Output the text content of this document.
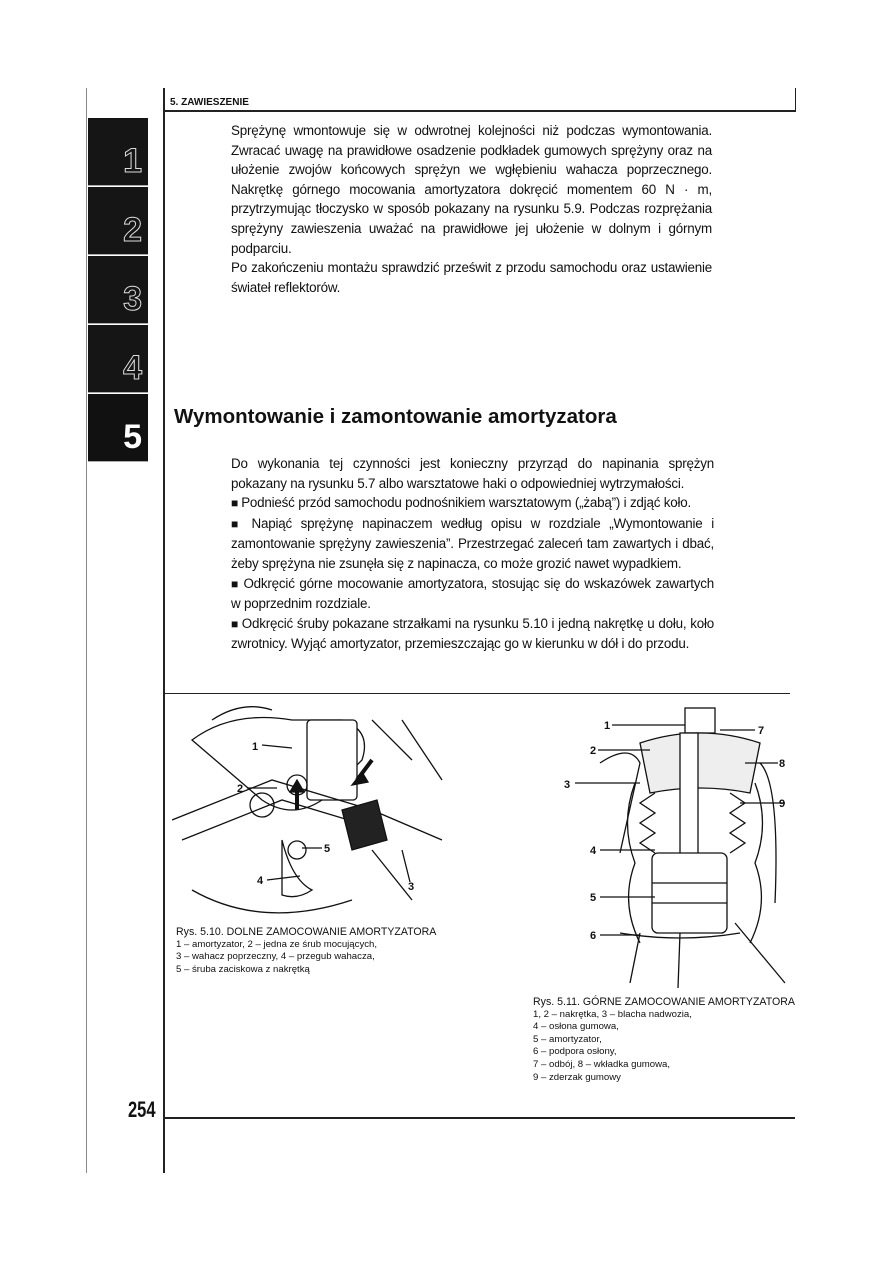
5. ZAWIESZENIE
1
2
3
4
5

Sprężynę wmontowuje się w odwrotnej kolejności niż podczas wymontowania. Zwracać uwagę na prawidłowe osadzenie podkładek gumowych sprężyny oraz na ułożenie zwojów końcowych sprężyn we wgłębieniu wahacza poprzecznego. Nakrętkę górnego mocowania amortyzatora dokręcić momentem 60 N · m, przytrzymując tłoczysko w sposób pokazany na rysunku 5.9. Podczas rozprężania sprężyny zawieszenia uważać na prawidłowe jej ułożenie w dolnym i górnym podparciu.

Po zakończeniu montażu sprawdzić prześwit z przodu samochodu oraz ustawienie świateł reflektorów.

Wymontowanie i zamontowanie amortyzatora

Do wykonania tej czynności jest konieczny przyrząd do napinania sprężyn pokazany na rysunku 5.7 albo warsztatowe haki o odpowiedniej wytrzymałości.

■ Podnieść przód samochodu podnośnikiem warsztatowym („żabą”) i zdjąć koło.

■ Napiąć sprężynę napinaczem według opisu w rozdziale „Wymontowanie i zamontowanie sprężyny zawieszenia”. Przestrzegać zaleceń tam zawartych i dbać, żeby sprężyna nie zsunęła się z napinacza, co może grozić nawet wypadkiem.

■ Odkręcić górne mocowanie amortyzatora, stosując się do wskazówek zawartych w poprzednim rozdziale.

■ Odkręcić śruby pokazane strzałkami na rysunku 5.10 i jedną nakrętkę u dołu, koło zwrotnicy. Wyjąć amortyzator, przemieszczając go w kierunku w dół i do przodu.

1
2
3
4
5
Rys. 5.10. DOLNE ZAMOCOWANIE AMORTYZATORA
1 – amortyzator, 2 – jedna ze śrub mocujących,
3 – wahacz poprzeczny, 4 – przegub wahacza,
5 – śruba zaciskowa z nakrętką
1
2
3
4
5
6
7
8
9
Rys. 5.11. GÓRNE ZAMOCOWANIE AMORTYZATORA
1, 2 – nakrętka, 3 – blacha nadwozia,
4 – osłona gumowa,
5 – amortyzator,
6 – podpora osłony,
7 – odbój, 8 – wkładka gumowa,
9 – zderzak gumowy
254
